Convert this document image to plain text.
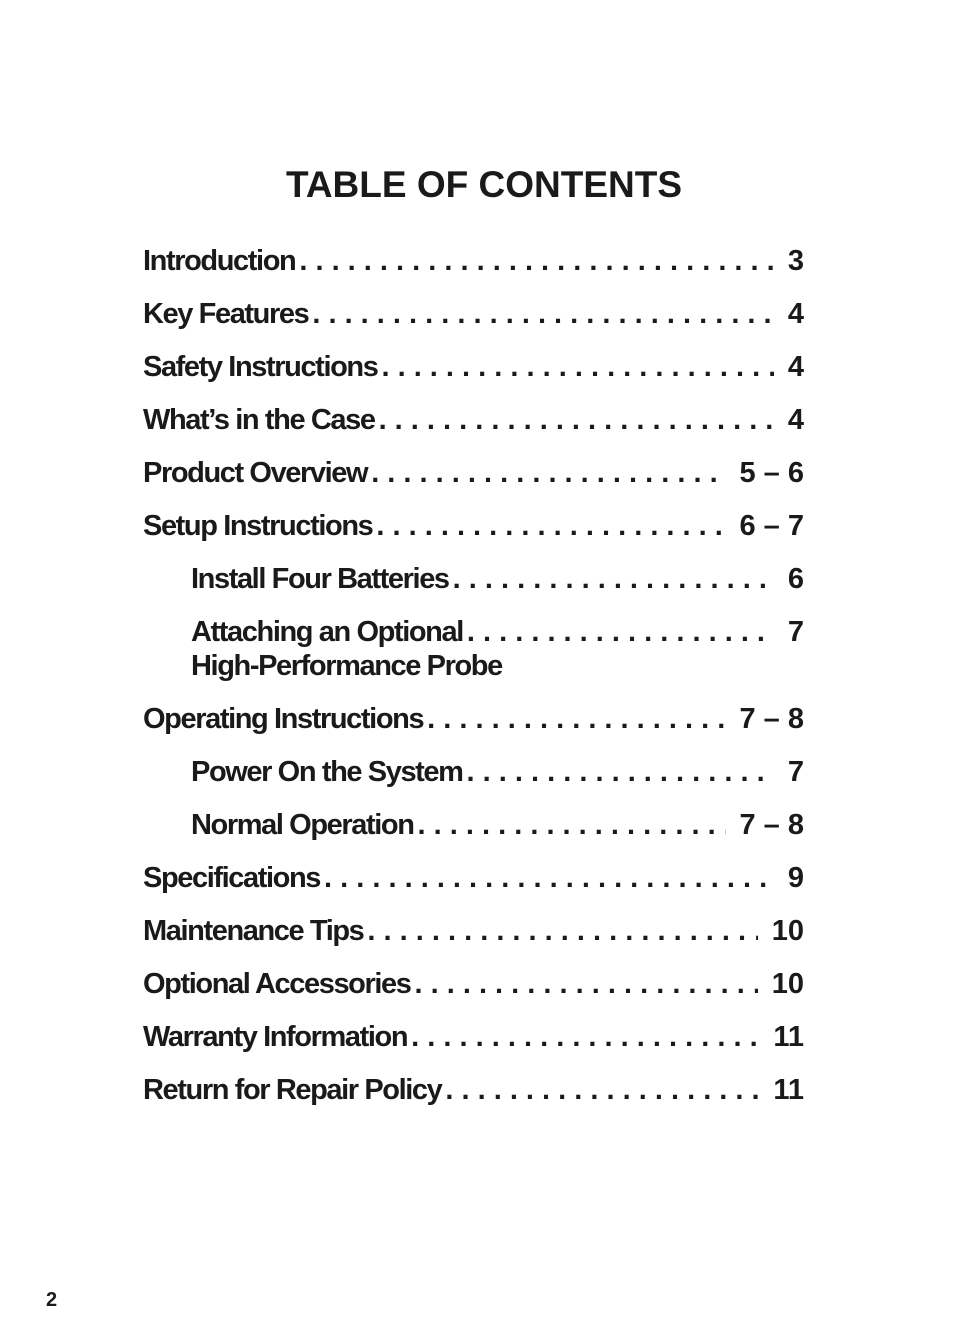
TABLE OF CONTENTS
Introduction . . .	3
Key Features . . .	4
Safety Instructions . . .	4
What’s in the Case . . .	4
Product Overview . . .	5 – 6
Setup Instructions . . .	6 – 7
Install Four Batteries . . .	6
Attaching an Optional . . .	7
High-Performance Probe
Operating Instructions . . .	7 – 8
Power On the System . . .	7
Normal Operation . . .	7 – 8
Specifications . . .	9
Maintenance Tips . . .	10
Optional Accessories . . .	10
Warranty Information . . .	11
Return for Repair Policy . . .	11
2
